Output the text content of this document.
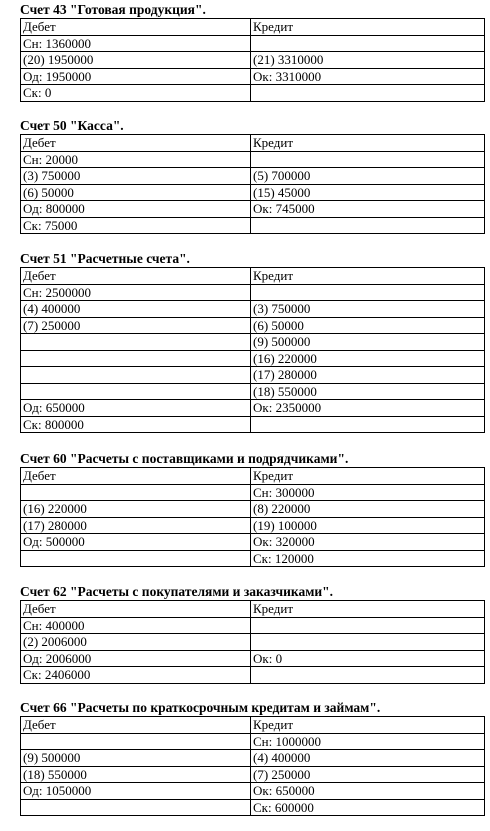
Счет 43 "Готовая продукция".
Дебет	Кредит
Сн: 1360000	
(20) 1950000	(21) 3310000
Од: 1950000	Ок: 3310000
Ск: 0	
Счет 50 "Касса".
Дебет	Кредит
Сн: 20000	
(3) 750000	(5) 700000
(6) 50000	(15) 45000
Од: 800000	Ок: 745000
Ск: 75000	
Счет 51 "Расчетные счета".
Дебет	Кредит
Сн: 2500000	
(4) 400000	(3) 750000
(7) 250000	(6) 50000
	(9) 500000
	(16) 220000
	(17) 280000
	(18) 550000
Од: 650000	Ок: 2350000
Ск: 800000	
Счет 60 "Расчеты с поставщиками и подрядчиками".
Дебет	Кредит
	Сн: 300000
(16) 220000	(8) 220000
(17) 280000	(19) 100000
Од: 500000	Ок: 320000
	Ск: 120000
Счет 62 "Расчеты с покупателями и заказчиками".
Дебет	Кредит
Сн: 400000	
(2) 2006000	
Од: 2006000	Ок: 0
Ск: 2406000	
Счет 66 "Расчеты по краткосрочным кредитам и займам".
Дебет	Кредит
	Сн: 1000000
(9) 500000	(4) 400000
(18) 550000	(7) 250000
Од: 1050000	Ок: 650000
	Ск: 600000
